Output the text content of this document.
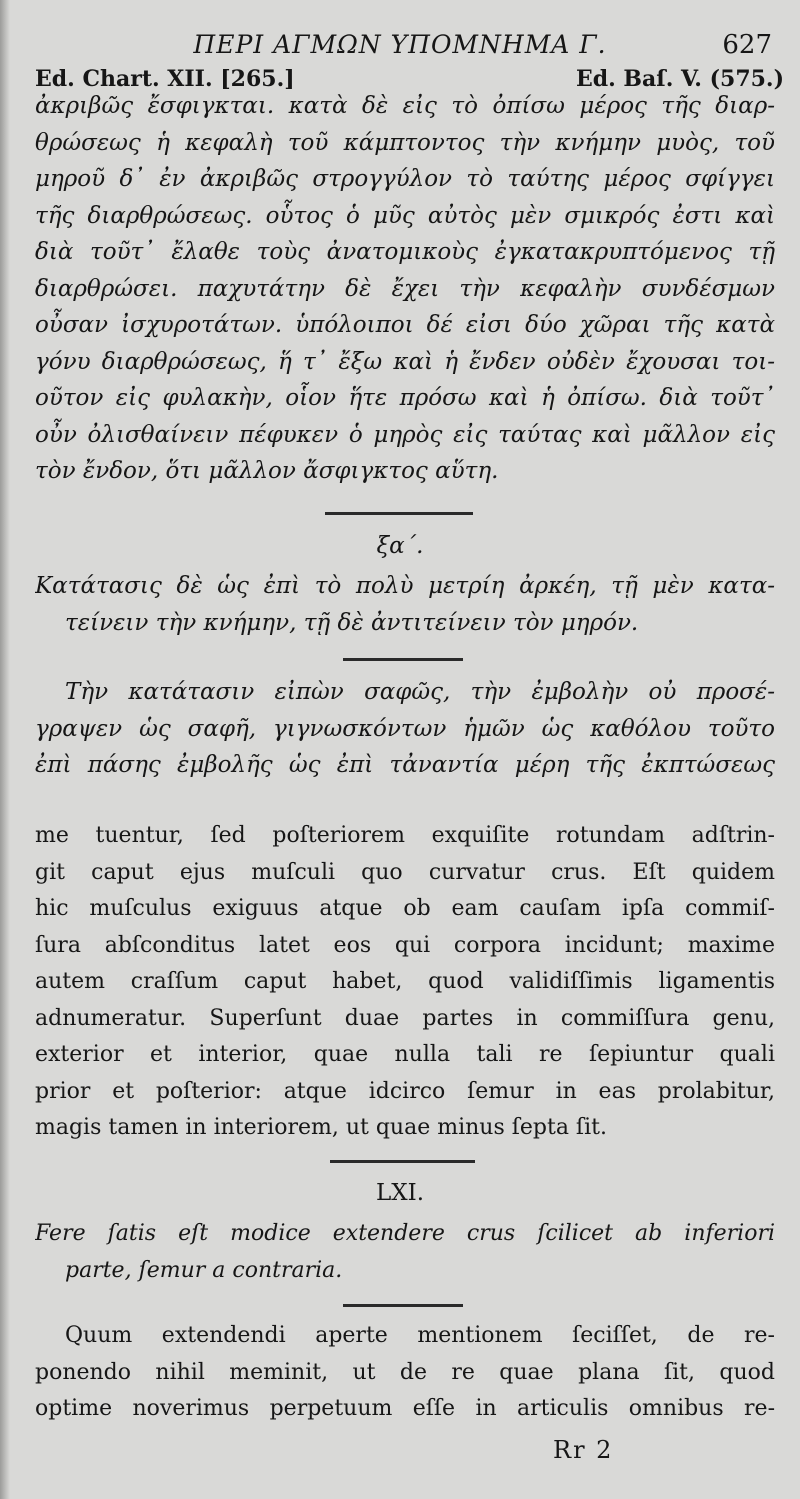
ΠΕΡΙ ΑΓΜΩΝ ΥΠΟΜΝΗΜΑ Γ.	627
Ed. Chart. XII. [265.]	Ed. Baſ. V. (575.)
ἀκριβῶς ἔσφιγκται. κατὰ δὲ εἰς τὸ ὀπίσω μέρος τῆς διαρ-
θρώσεως ἡ κεφαλὴ τοῦ κάμπτοντος τὴν κνήμην μυὸς, τοῦ
μηροῦ δ᾽ ἐν ἀκριβῶς στρογγύλον τὸ ταύτης μέρος σφίγγει
τῆς διαρθρώσεως. οὗτος ὁ μῦς αὐτὸς μὲν σμικρός ἐστι καὶ
διὰ τοῦτ᾽ ἔλαθε τοὺς ἀνατομικοὺς ἐγκατακρυπτόμενος τῇ
διαρθρώσει. παχυτάτην δὲ ἔχει τὴν κεφαλὴν συνδέσμων
οὖσαν ἰσχυροτάτων. ὑπόλοιποι δέ εἰσι δύο χῶραι τῆς κατὰ
γόνυ διαρθρώσεως, ἥ τ᾽ ἔξω καὶ ἡ ἔνδεν οὐδὲν ἔχουσαι τοι-
οῦτον εἰς φυλακὴν, οἷον ἥτε πρόσω καὶ ἡ ὀπίσω. διὰ τοῦτ᾽
οὖν ὀλισθαίνειν πέφυκεν ὁ μηρὸς εἰς ταύτας καὶ μᾶλλον εἰς
τὸν ἔνδον, ὅτι μᾶλλον ἄσφιγκτος αὕτη.
ξα΄.
Κατάτασις δὲ ὡς ἐπὶ τὸ πολὺ μετρίη ἀρκέη, τῇ μὲν κατα-
τείνειν τὴν κνήμην, τῇ δὲ ἀντιτείνειν τὸν μηρόν.
Τὴν κατάτασιν εἰπὼν σαφῶς, τὴν ἐμβολὴν οὐ προσέ-
γραψεν ὡς σαφῆ, γιγνωσκόντων ἡμῶν ὡς καθόλου τοῦτο
ἐπὶ πάσης ἐμβολῆς ὡς ἐπὶ τἀναντία μέρη τῆς ἐκπτώσεως
me tuentur, ſed poſteriorem exquiſite rotundam adſtrin-
git caput ejus muſculi quo curvatur crus. Eſt quidem
hic muſculus exiguus atque ob eam cauſam ipſa commiſ-
ſura abſconditus latet eos qui corpora incidunt; maxime
autem craſſum caput habet, quod validiſſimis ligamentis
adnumeratur. Superſunt duae partes in commiſſura genu,
exterior et interior, quae nulla tali re ſepiuntur quali
prior et poſterior: atque idcirco ſemur in eas prolabitur,
magis tamen in interiorem, ut quae minus ſepta ſit.
LXI.
Fere ſatis eſt modice extendere crus ſcilicet ab inferiori
parte, ſemur a contraria.
Quum extendendi aperte mentionem ſeciſſet, de re-
ponendo nihil meminit, ut de re quae plana ſit, quod
optime noverimus perpetuum eſſe in articulis omnibus re-
Rr 2
